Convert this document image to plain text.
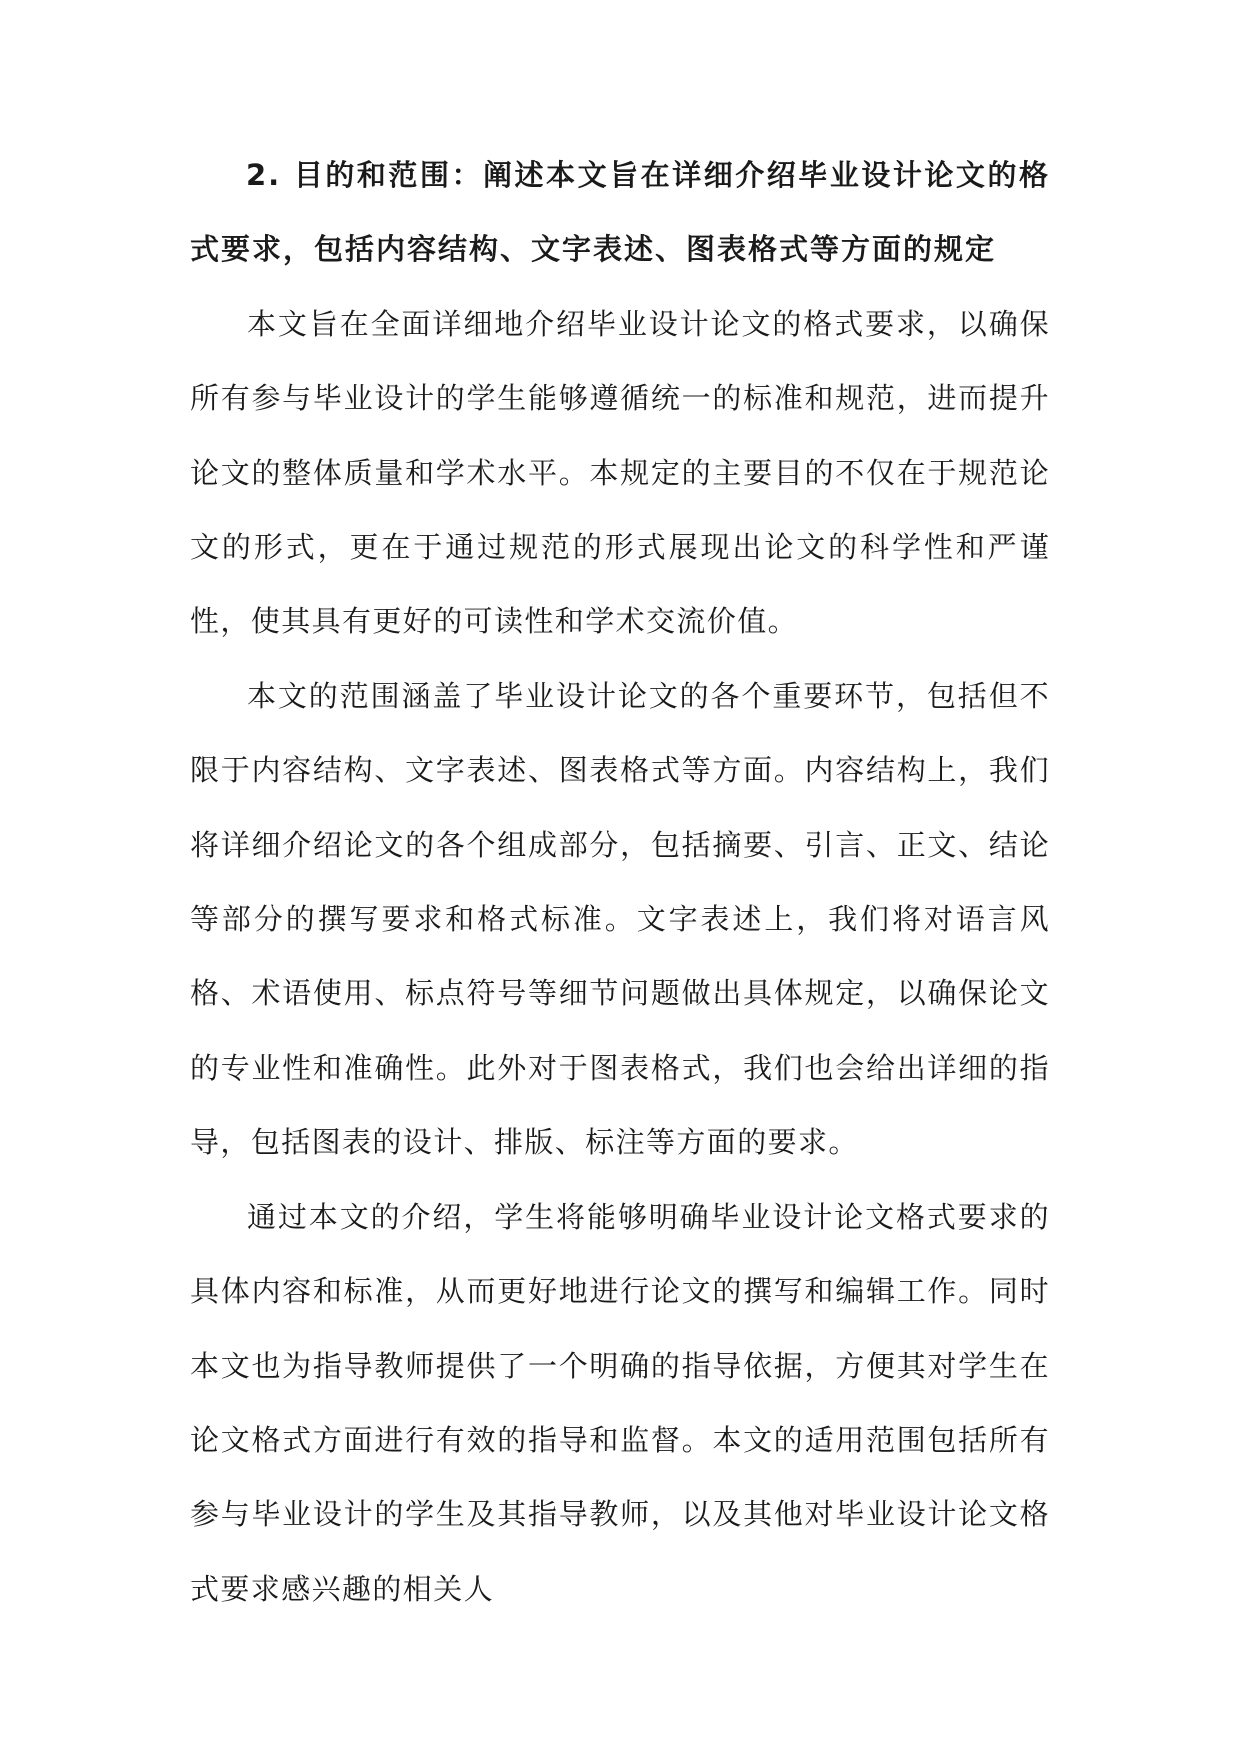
2. 目的和范围：阐述本文旨在详细介绍毕业设计论文的格式要求，包括内容结构、文字表述、图表格式等方面的规定

本文旨在全面详细地介绍毕业设计论文的格式要求，以确保所有参与毕业设计的学生能够遵循统一的标准和规范，进而提升论文的整体质量和学术水平。本规定的主要目的不仅在于规范论文的形式，更在于通过规范的形式展现出论文的科学性和严谨性，使其具有更好的可读性和学术交流价值。

本文的范围涵盖了毕业设计论文的各个重要环节，包括但不限于内容结构、文字表述、图表格式等方面。内容结构上，我们将详细介绍论文的各个组成部分，包括摘要、引言、正文、结论等部分的撰写要求和格式标准。文字表述上，我们将对语言风格、术语使用、标点符号等细节问题做出具体规定，以确保论文的专业性和准确性。此外对于图表格式，我们也会给出详细的指导，包括图表的设计、排版、标注等方面的要求。

通过本文的介绍，学生将能够明确毕业设计论文格式要求的具体内容和标准，从而更好地进行论文的撰写和编辑工作。同时本文也为指导教师提供了一个明确的指导依据，方便其对学生在论文格式方面进行有效的指导和监督。本文的适用范围包括所有参与毕业设计的学生及其指导教师，以及其他对毕业设计论文格式要求感兴趣的相关人
